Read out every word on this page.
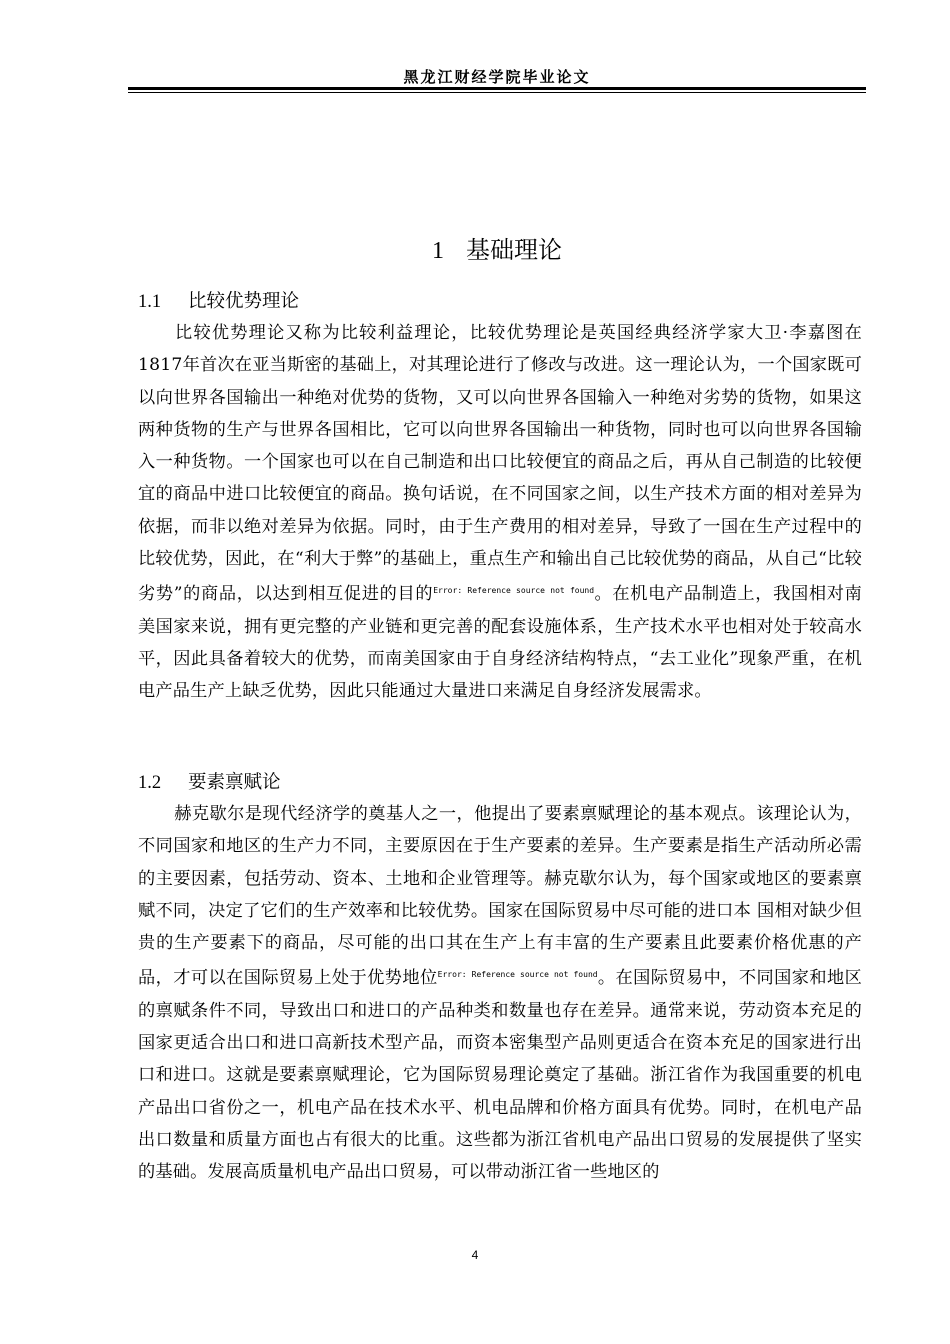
黑龙江财经学院毕业论文
1 基础理论
1.1 比较优势理论

比较优势理论又称为比较利益理论，比较优势理论是英国经典经济学家大卫·李嘉图在1817年首次在亚当斯密的基础上，对其理论进行了修改与改进。这一理论认为，一个国家既可以向世界各国输出一种绝对优势的货物，又可以向世界各国输入一种绝对劣势的货物，如果这两种货物的生产与世界各国相比，它可以向世界各国输出一种货物，同时也可以向世界各国输入一种货物。一个国家也可以在自己制造和出口比较便宜的商品之后，再从自己制造的比较便宜的商品中进口比较便宜的商品。换句话说，在不同国家之间，以生产技术方面的相对差异为依据，而非以绝对差异为依据。同时，由于生产费用的相对差异，导致了一国在生产过程中的比较优势，因此，在“利大于弊”的基础上，重点生产和输出自己比较优势的商品，从自己“比较劣势”的商品，以达到相互促进的目的$^{Error: Reference source not found}$。在机电产品制造上，我国相对南美国家来说，拥有更完整的产业链和更完善的配套设施体系，生产技术水平也相对处于较高水平，因此具备着较大的优势，而南美国家由于自身经济结构特点，“去工业化”现象严重，在机电产品生产上缺乏优势，因此只能通过大量进口来满足自身经济发展需求。

1.2 要素禀赋论

赫克歇尔是现代经济学的奠基人之一，他提出了要素禀赋理论的基本观点。该理论认为，不同国家和地区的生产力不同，主要原因在于生产要素的差异。生产要素是指生产活动所必需的主要因素，包括劳动、资本、土地和企业管理等。赫克歇尔认为，每个国家或地区的要素禀赋不同，决定了它们的生产效率和比较优势。国家在国际贸易中尽可能的进口本 国相对缺少但贵的生产要素下的商品，尽可能的出口其在生产上有丰富的生产要素且此要素价格优惠的产品，才可以在国际贸易上处于优势地位$^{Error: Reference source not found}$。在国际贸易中，不同国家和地区的禀赋条件不同，导致出口和进口的产品种类和数量也存在差异。通常来说，劳动资本充足的国家更适合出口和进口高新技术型产品，而资本密集型产品则更适合在资本充足的国家进行出口和进口。这就是要素禀赋理论，它为国际贸易理论奠定了基础。浙江省作为我国重要的机电产品出口省份之一，机电产品在技术水平、机电品牌和价格方面具有优势。同时，在机电产品出口数量和质量方面也占有很大的比重。这些都为浙江省机电产品出口贸易的发展提供了坚实的基础。发展高质量机电产品出口贸易，可以带动浙江省一些地区的

4
